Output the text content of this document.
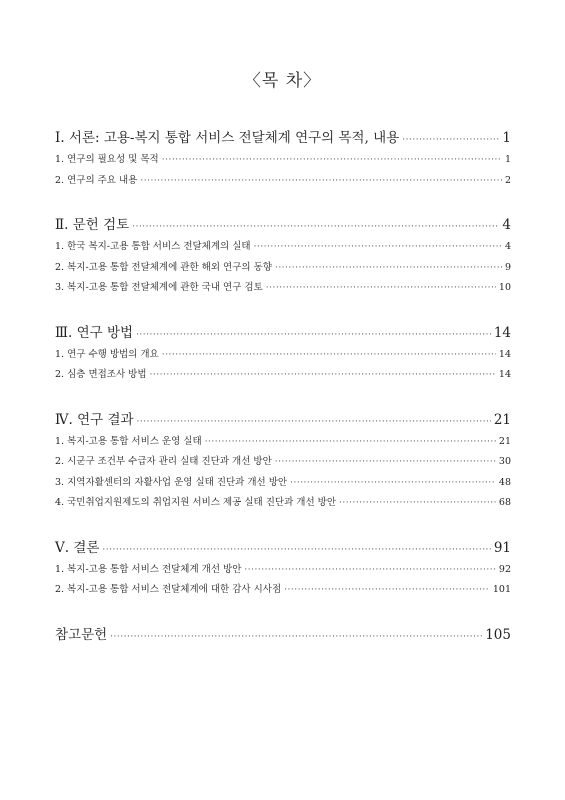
〈목 차〉
Ⅰ. 서론: 고용-복지 통합 서비스 전달체계 연구의 목적, 내용 ·····	1
1. 연구의 필요성 및 목적 ·····	1
2. 연구의 주요 내용 ·····	2
Ⅱ. 문헌 검토 ·····	4
1. 한국 복지-고용 통합 서비스 전달체계의 실태 ·····	4
2. 복지-고용 통합 전달체계에 관한 해외 연구의 동향 ·····	9
3. 복지-고용 통합 전달체계에 관한 국내 연구 검토 ·····	10
Ⅲ. 연구 방법 ·····	14
1. 연구 수행 방법의 개요 ·····	14
2. 심층 면접조사 방법 ·····	14
Ⅳ. 연구 결과 ·····	21
1. 복지-고용 통합 서비스 운영 실태 ·····	21
2. 시군구 조건부 수급자 관리 실태 진단과 개선 방안 ·····	30
3. 지역자활센터의 자활사업 운영 실태 진단과 개선 방안 ·····	48
4. 국민취업지원제도의 취업지원 서비스 제공 실태 진단과 개선 방안 ·····	68
Ⅴ. 결론 ·····	91
1. 복지-고용 통합 서비스 전달체계 개선 방안 ·····	92
2. 복지-고용 통합 서비스 전달체계에 대한 감사 시사점 ·····	101
참고문헌 ·····	105
